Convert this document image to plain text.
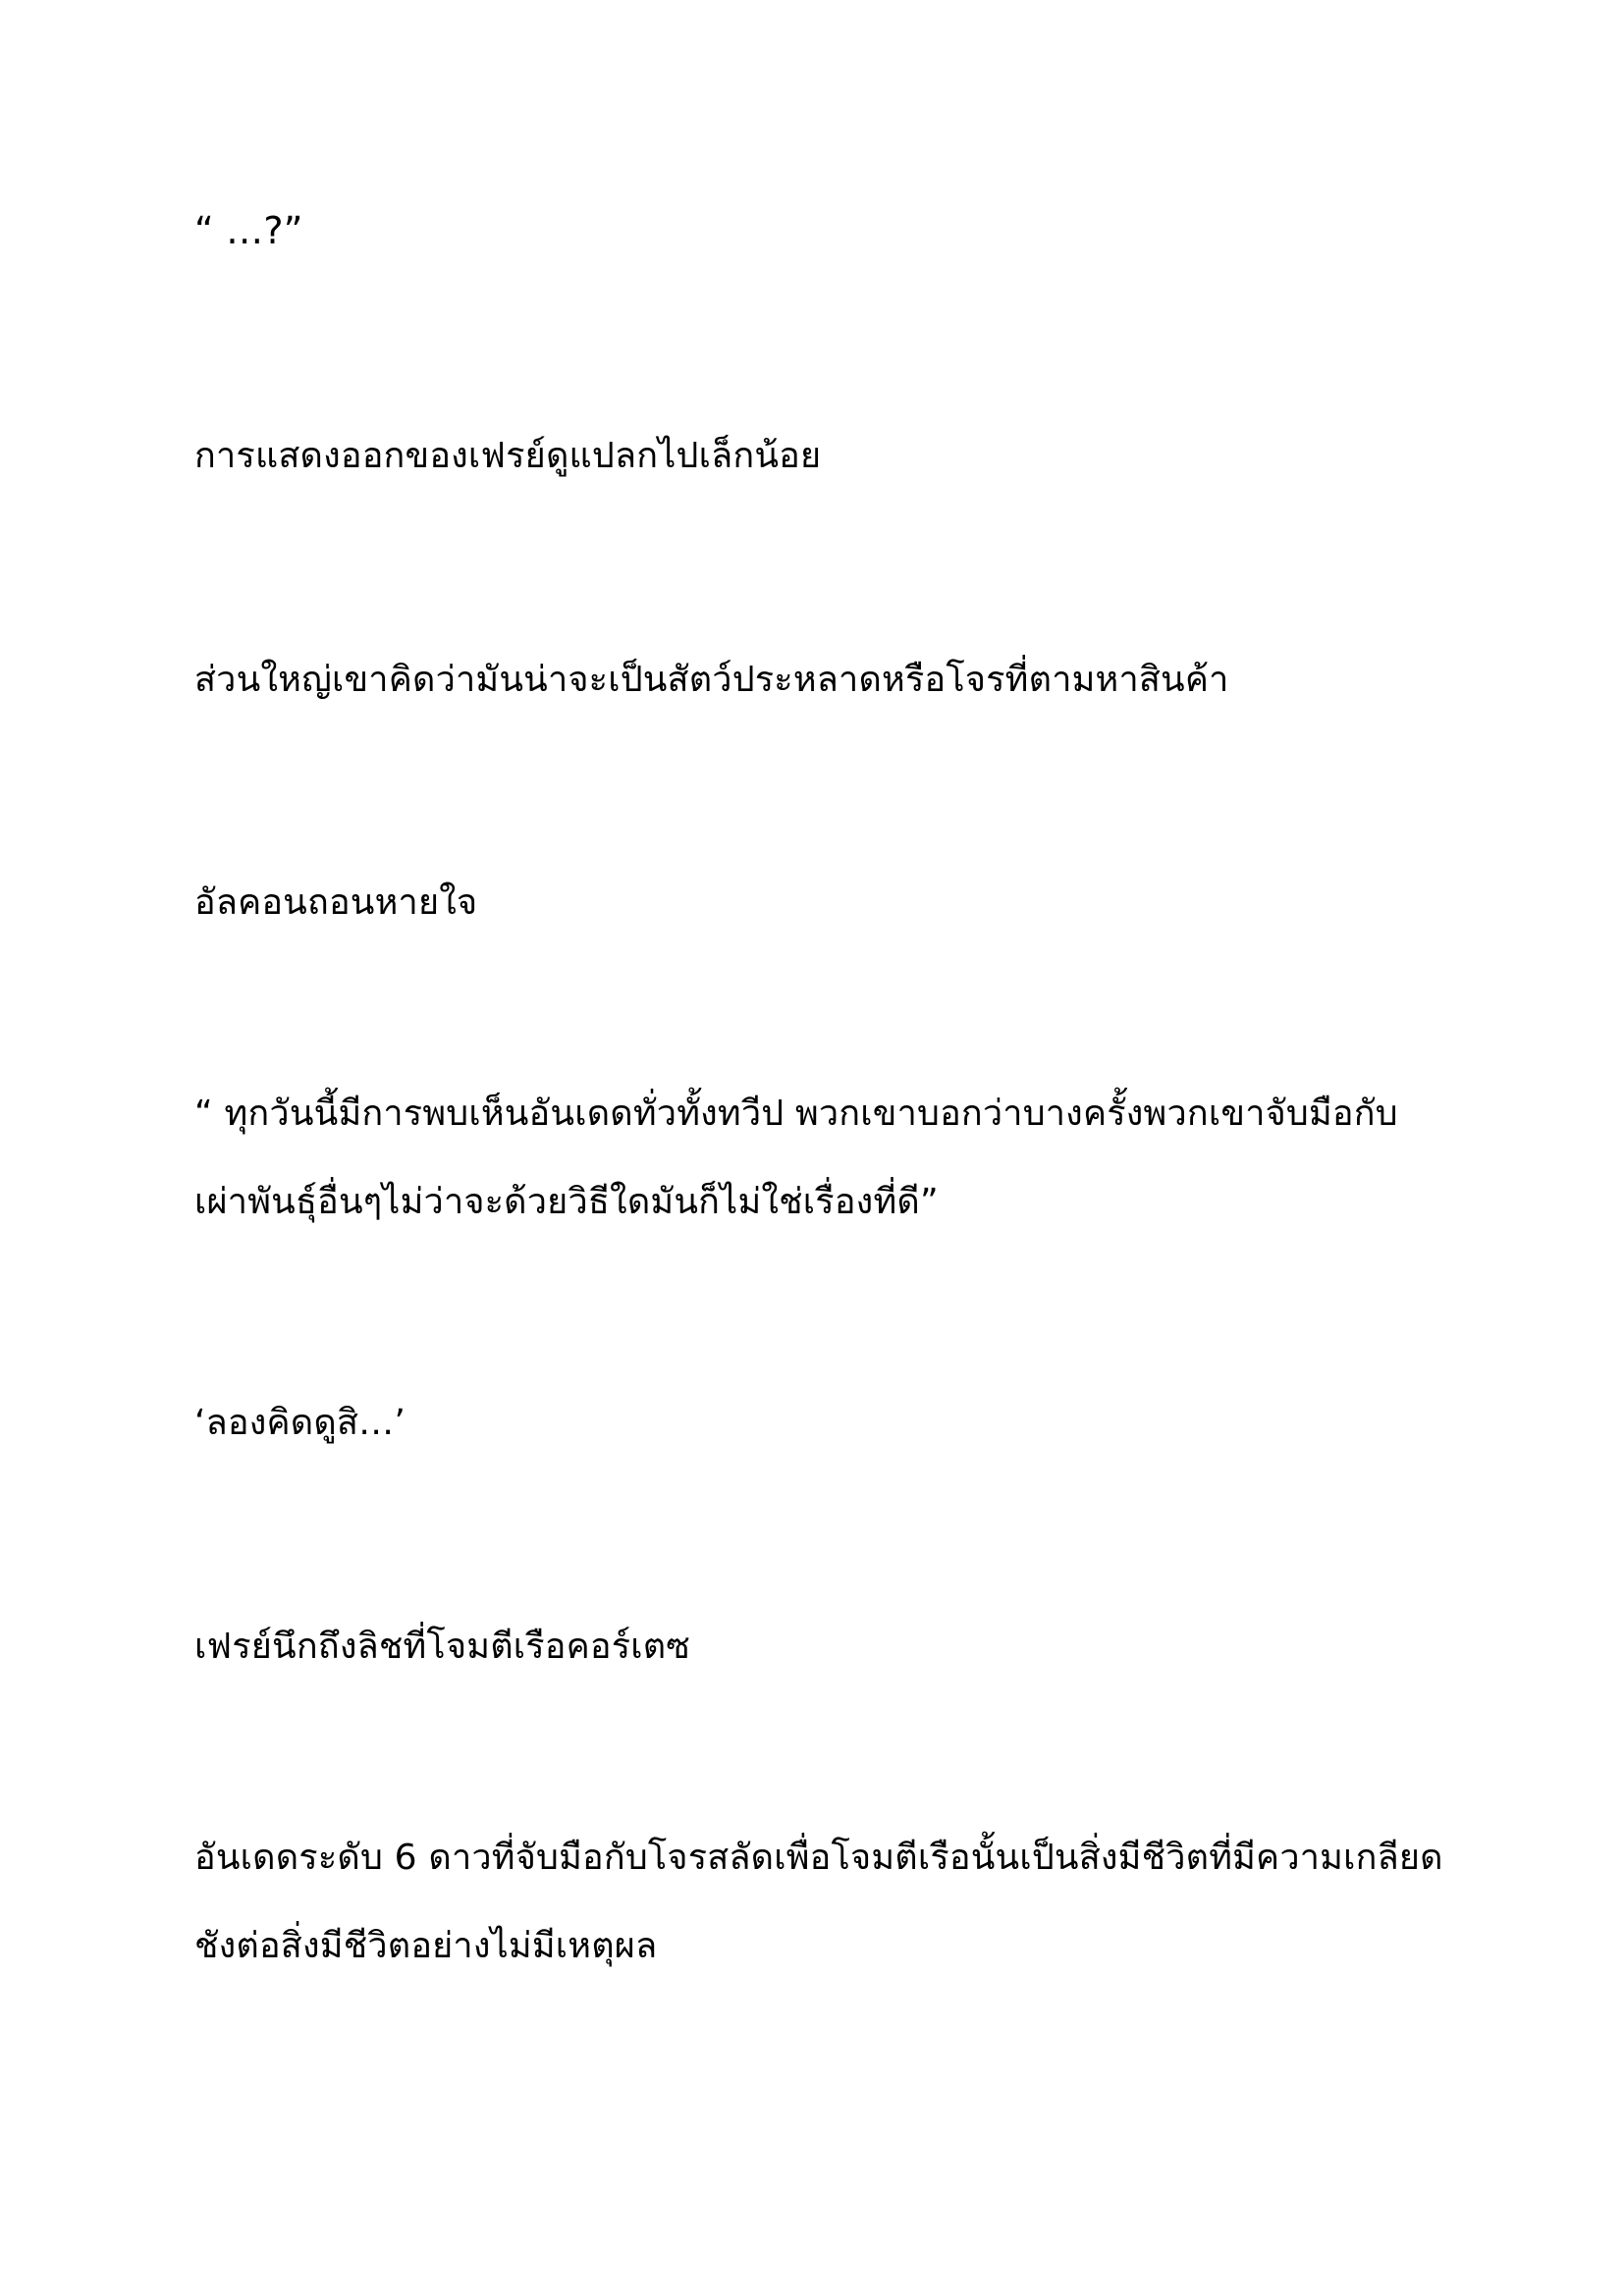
“ …?”

การแสดงออกของเฟรย์ดูแปลกไปเล็กน้อย

ส่วนใหญ่เขาคิดว่ามันน่าจะเป็นสัตว์ประหลาดหรือโจรที่ตามหาสินค้า

อัลคอนถอนหายใจ

“ ทุกวันนี้มีการพบเห็นอันเดดทั่วทั้งทวีป พวกเขาบอกว่าบางครั้งพวกเขาจับมือกับ
เผ่าพันธุ์อื่นๆไม่ว่าจะด้วยวิธีใดมันก็ไม่ใช่เรื่องที่ดี”

‘ลองคิดดูสิ…’

เฟรย์นึกถึงลิชที่โจมตีเรือคอร์เตซ

อันเดดระดับ 6 ดาวที่จับมือกับโจรสลัดเพื่อโจมตีเรือนั้นเป็นสิ่งมีชีวิตที่มีความเกลียด
ชังต่อสิ่งมีชีวิตอย่างไม่มีเหตุผล
